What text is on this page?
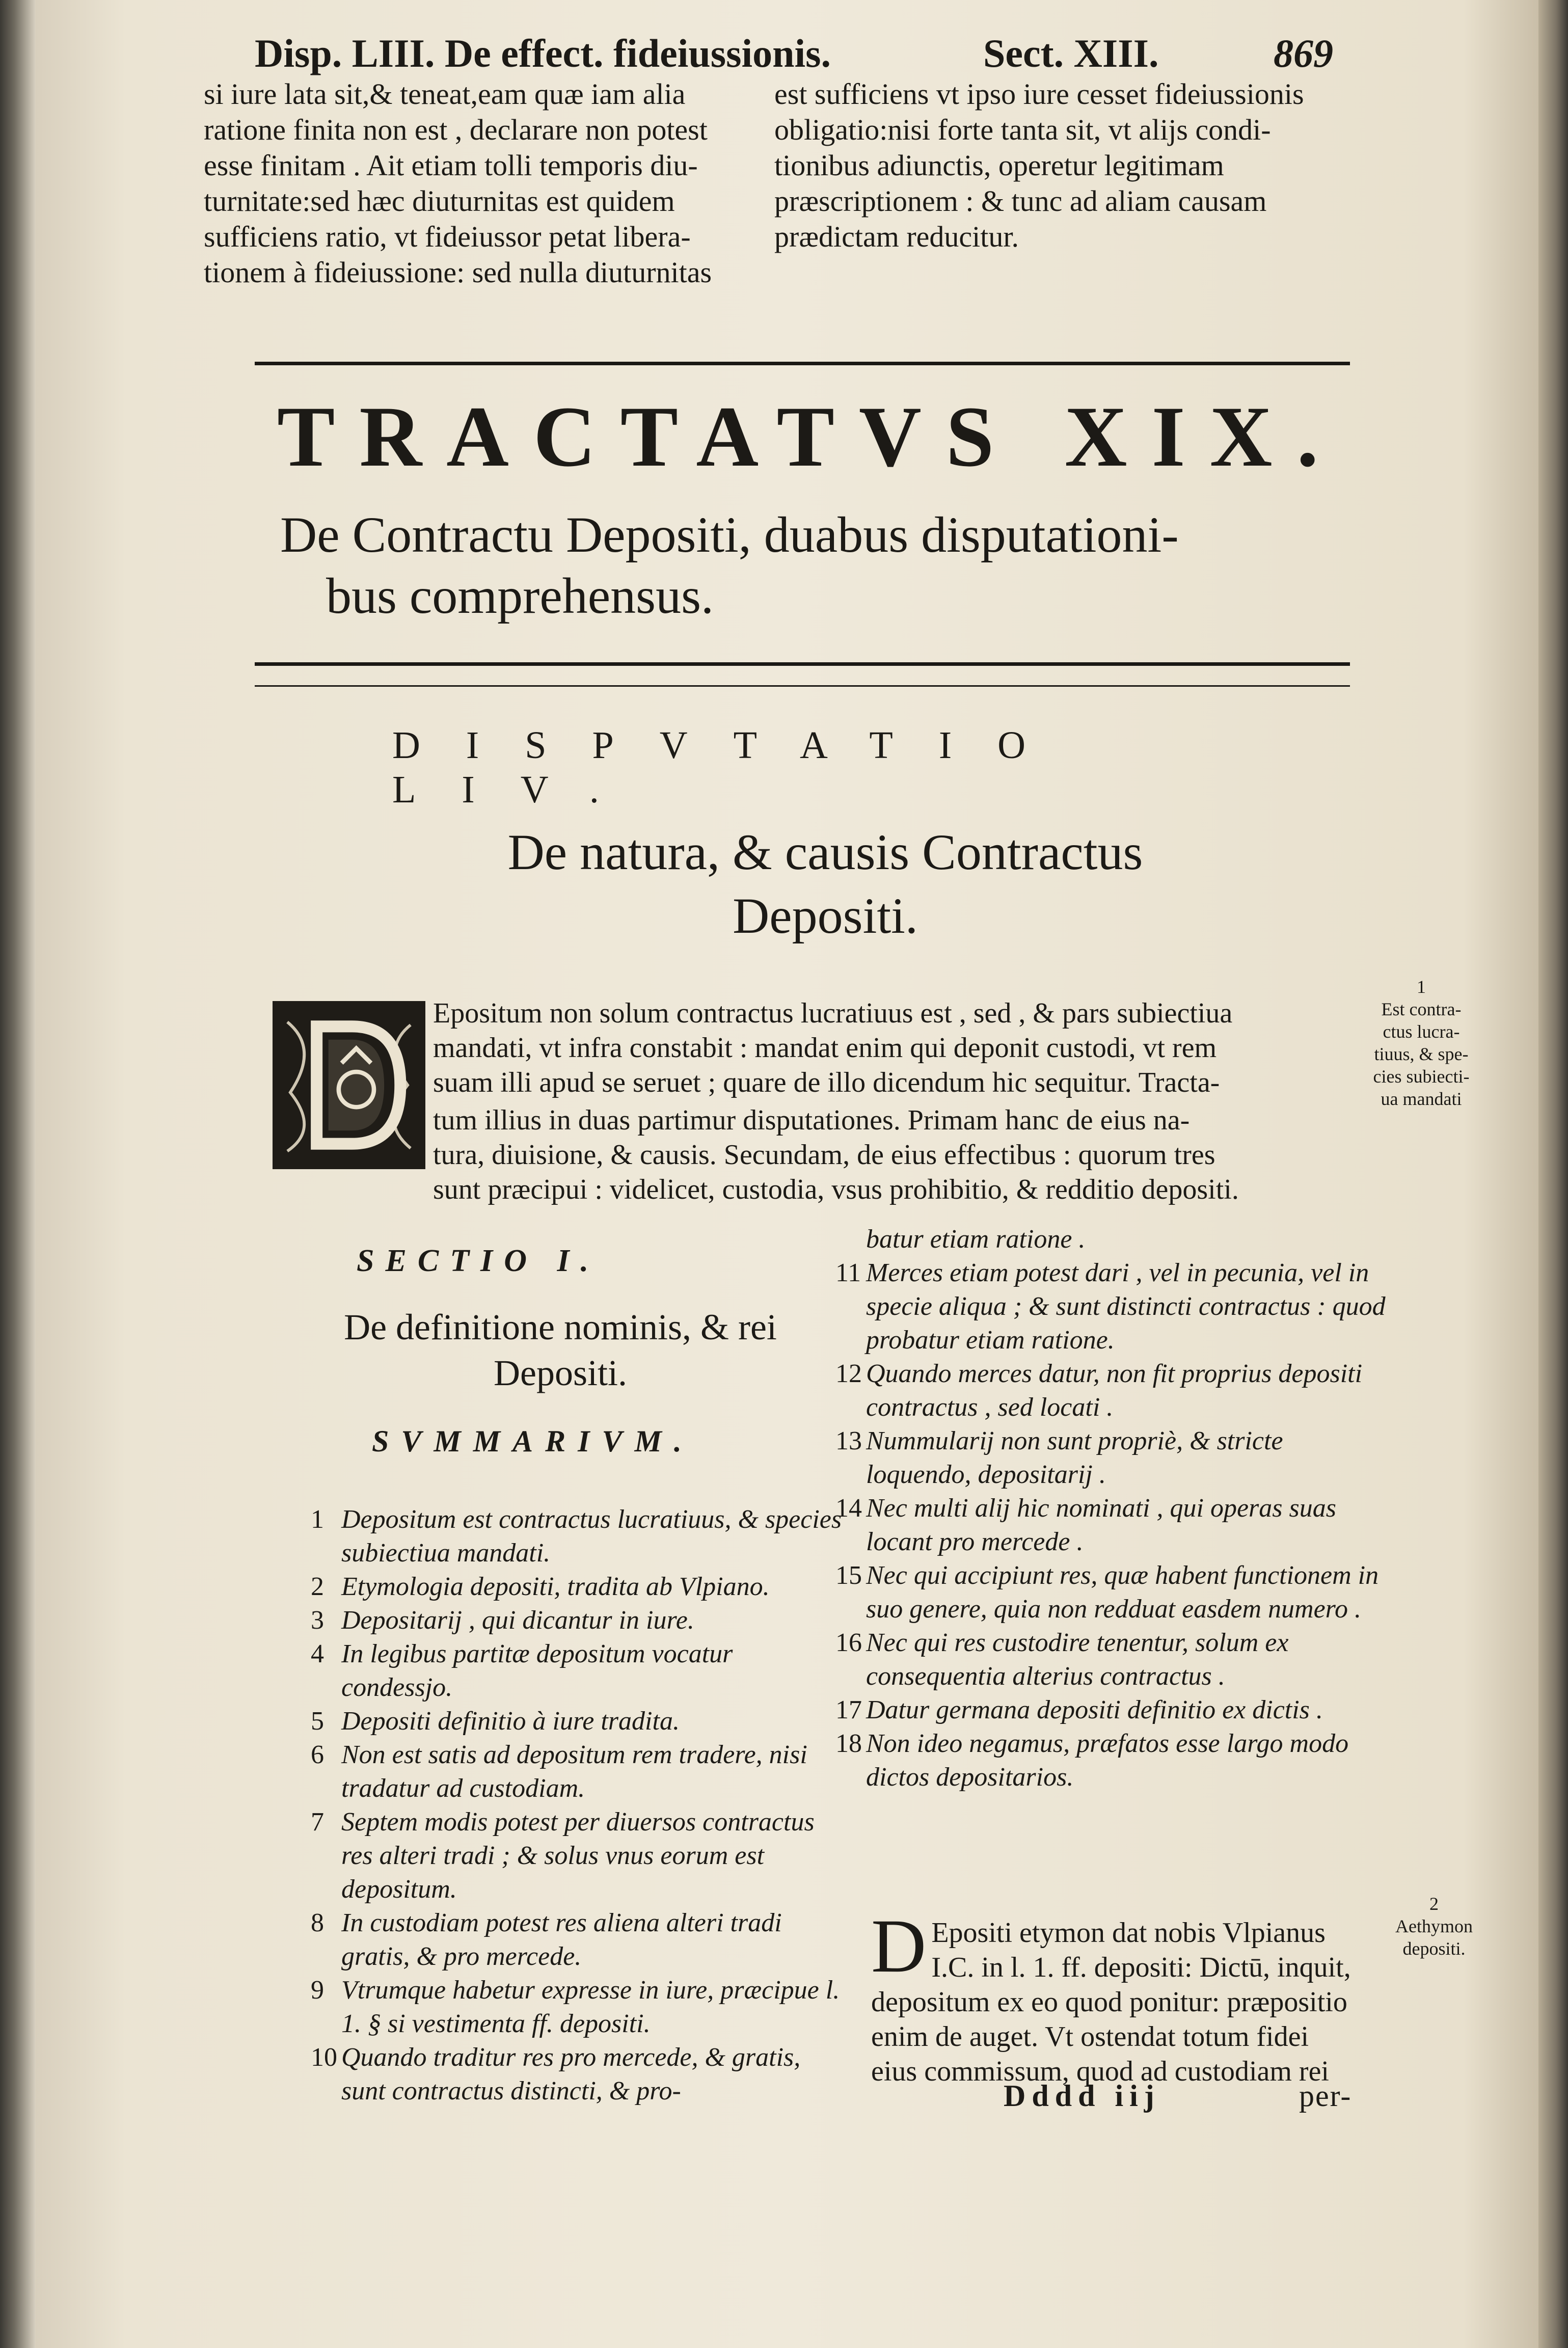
Disp. LIII. De effect. fideiussionis.	Sect. XIII.	869

si iure lata sit,& teneat,eam quæ iam alia

ratione finita non est , declarare non potest

esse finitam . Ait etiam tolli temporis diu-

turnitate:sed hæc diuturnitas est quidem

sufficiens ratio, vt fideiussor petat libera-

tionem à fideiussione: sed nulla diuturnitas

est sufficiens vt ipso iure cesset fideiussionis

obligatio:nisi forte tanta sit, vt alijs condi-

tionibus adiunctis, operetur legitimam

præscriptionem : & tunc ad aliam causam

prædictam reducitur.

TRACTATVS XIX.
De Contractu Depositi, duabus disputationi-
bus comprehensus.
DISPVTATIO LIV.
De natura, & causis Contractus
Depositi.

Epositum non solum contractus lucratiuus est , sed , & pars subiectiua

mandati, vt infra constabit : mandat enim qui deponit custodi, vt rem

suam illi apud se seruet ; quare de illo dicendum hic sequitur. Tracta-

tum illius in duas partimur disputationes. Primam hanc de eius na-

tura, diuisione, & causis. Secundam, de eius effectibus : quorum tres

sunt præcipui : videlicet, custodia, vsus prohibitio, & redditio depositi.

1
Est contra-
ctus lucra-
tiuus, & spe-
cies subiecti-
ua mandati
SECTIO I.
De definitione nominis, & rei
Depositi.
SVMMARIVM.
1 Depositum est contractus lucratiuus, & species subiectiua mandati.
2 Etymologia depositi, tradita ab Vlpiano.
3 Depositarij , qui dicantur in iure.
4 In legibus partitæ depositum vocatur condessjo.
5 Depositi definitio à iure tradita.
6 Non est satis ad depositum rem tradere, nisi tradatur ad custodiam.
7 Septem modis potest per diuersos contractus res alteri tradi ; & solus vnus eorum est depositum.
8 In custodiam potest res aliena alteri tradi gratis, & pro mercede.
9 Vtrumque habetur expresse in iure, præcipue l. 1. § si vestimenta ff. depositi.
10 Quando traditur res pro mercede, & gratis, sunt contractus distincti, & pro-
batur etiam ratione .
11 Merces etiam potest dari , vel in pecunia, vel in specie aliqua ; & sunt distincti contractus : quod probatur etiam ratione.
12 Quando merces datur, non fit proprius depositi contractus , sed locati .
13 Nummularij non sunt propriè, & stricte loquendo, depositarij .
14 Nec multi alij hic nominati , qui operas suas locant pro mercede .
15 Nec qui accipiunt res, quæ habent functionem in suo genere, quia non redduat easdem numero .
16 Nec qui res custodire tenentur, solum ex consequentia alterius contractus .
17 Datur germana depositi definitio ex dictis .
18 Non ideo negamus, præfatos esse largo modo dictos depositarios.
D Epositi etymon dat nobis Vlpianus

I.C. in l. 1. ff. depositi: Dictū, inquit,

depositum ex eo quod ponitur: præpositio

enim de auget. Vt ostendat totum fidei

eius commissum, quod ad custodiam rei

2
Aethymon
depositi.
Dddd iij	per-
